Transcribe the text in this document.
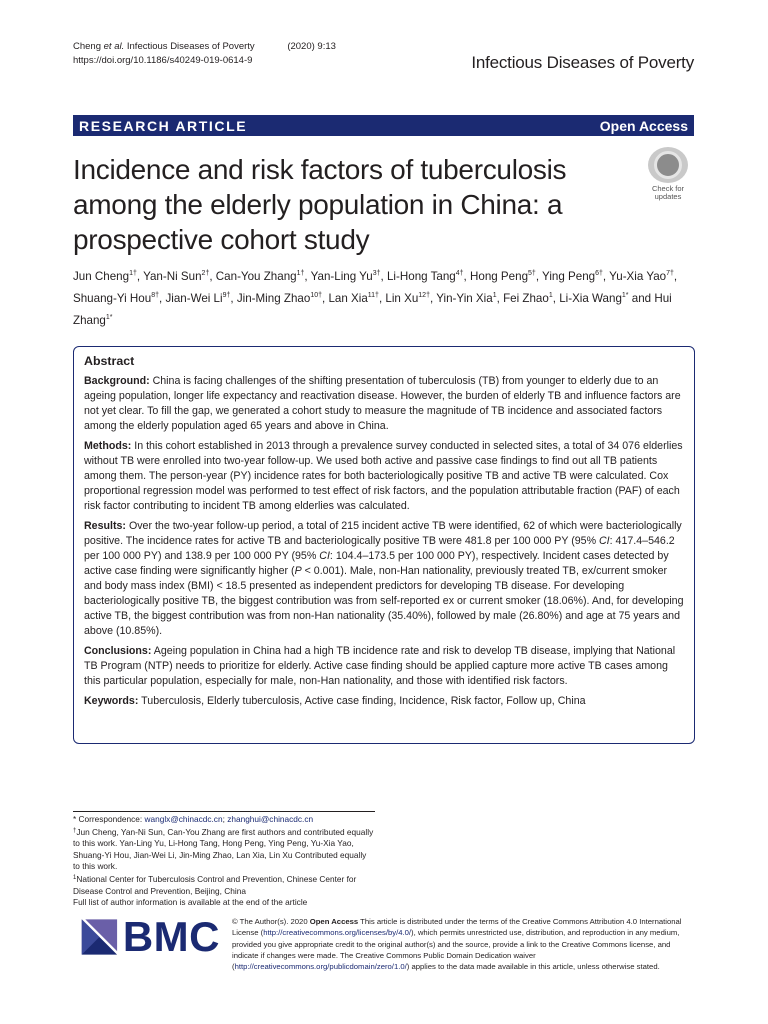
Cheng et al. Infectious Diseases of Poverty	(2020) 9:13
https://doi.org/10.1186/s40249-019-0614-9	Infectious Diseases of Poverty
RESEARCH ARTICLE	Open Access
Incidence and risk factors of tuberculosis among the elderly population in China: a prospective cohort study
Check for
updates
Jun Cheng$^{1\dagger}$, Yan-Ni Sun$^{2\dagger}$, Can-You Zhang$^{1\dagger}$, Yan-Ling $Yu^{3\dagger}$, Li-Hong Tang$^{4\dagger}$, Hong Peng$^{5\dagger}$, Ying Peng$^{6\dagger}$, Yu-Xia Yao$^{7\dagger}$, Shuang-Yi Hou$^{8\dagger}$, Jian-Wei $Li^{9\dagger}$, Jin-Ming Zhao$^{10\dagger}$, Lan Xia$^{11\dagger}$, Lin $Xu^{12\dagger}$, Yin-Yin Xia$^1$, Fei Zhao$^1$, Li-Xia Wang$^{1*}$ and Hui Zhang$^{1*}$
Abstract

Background: China is facing challenges of the shifting presentation of tuberculosis (TB) from younger to elderly due to an ageing population, longer life expectancy and reactivation disease. However, the burden of elderly TB and influence factors are not yet clear. To fill the gap, we generated a cohort study to measure the magnitude of TB incidence and associated factors among the elderly population aged 65 years and above in China.

Methods: In this cohort established in 2013 through a prevalence survey conducted in selected sites, a total of 34 076 elderlies without TB were enrolled into two-year follow-up. We used both active and passive case findings to find out all TB patients among them. The person-year (PY) incidence rates for both bacteriologically positive TB and active TB were calculated. Cox proportional regression model was performed to test effect of risk factors, and the population attributable fraction (PAF) of each risk factor contributing to incident TB among elderlies was calculated.

Results: Over the two-year follow-up period, a total of 215 incident active TB were identified, 62 of which were bacteriologically positive. The incidence rates for active TB and bacteriologically positive TB were 481.8 per 100 000 PY (95% CI: 417.4–546.2 per 100 000 PY) and 138.9 per 100 000 PY (95% CI: 104.4–173.5 per 100 000 PY), respectively. Incident cases detected by active case finding were significantly higher (P < 0.001). Male, non-Han nationality, previously treated TB, ex/current smoker and body mass index (BMI) < 18.5 presented as independent predictors for developing TB disease. For developing bacteriologically positive TB, the biggest contribution was from self-reported ex or current smoker (18.06%). And, for developing active TB, the biggest contribution was from non-Han nationality (35.40%), followed by male (26.80%) and age at 75 years and above (10.85%).

Conclusions: Ageing population in China had a high TB incidence rate and risk to develop TB disease, implying that National TB Program (NTP) needs to prioritize for elderly. Active case finding should be applied capture more active TB cases among this particular population, especially for male, non-Han nationality, and those with identified risk factors.

Keywords: Tuberculosis, Elderly tuberculosis, Active case finding, Incidence, Risk factor, Follow up, China

* Correspondence: wanglx@chinacdc.cn; zhanghui@chinacdc.cn
†Jun Cheng, Yan-Ni Sun, Can-You Zhang are first authors and contributed equally to this work. Yan-Ling Yu, Li-Hong Tang, Hong Peng, Ying Peng, Yu-Xia Yao, Shuang-Yi Hou, Jian-Wei Li, Jin-Ming Zhao, Lan Xia, Lin Xu Contributed equally to this work.
$^1$National Center for Tuberculosis Control and Prevention, Chinese Center for Disease Control and Prevention, Beijing, China
Full list of author information is available at the end of the article
BMC © The Author(s). 2020 Open Access This article is distributed under the terms of the Creative Commons Attribution 4.0 International License (http://creativecommons.org/licenses/by/4.0/), which permits unrestricted use, distribution, and reproduction in any medium, provided you give appropriate credit to the original author(s) and the source, provide a link to the Creative Commons license, and indicate if changes were made. The Creative Commons Public Domain Dedication waiver (http://creativecommons.org/publicdomain/zero/1.0/) applies to the data made available in this article, unless otherwise stated.
